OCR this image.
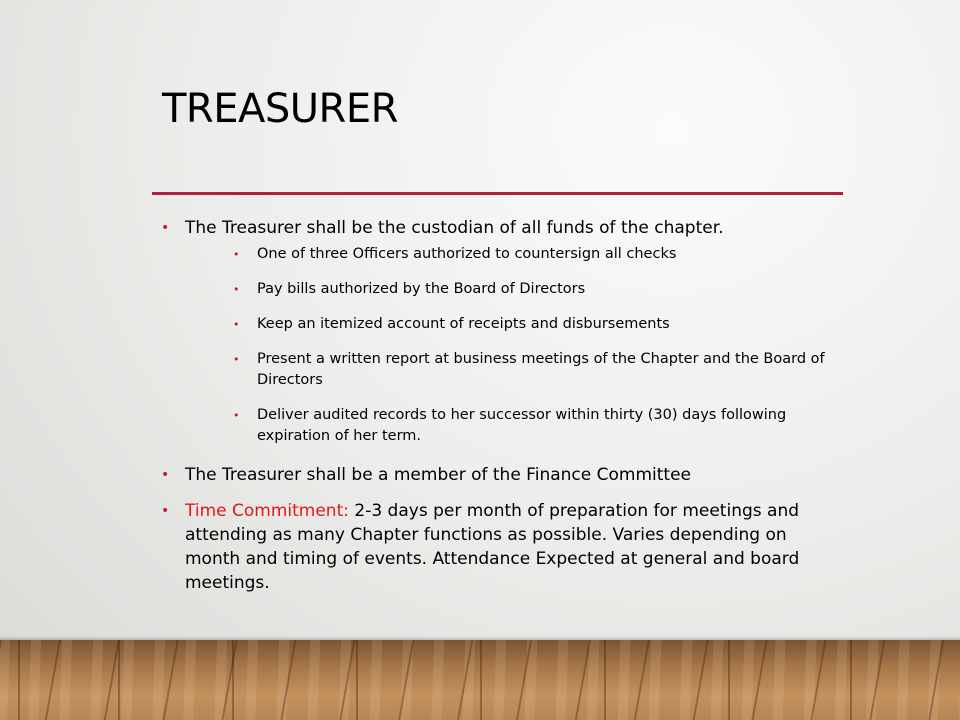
TREASURER
• The Treasurer shall be the custodian of all funds of the chapter.
• One of three Officers authorized to countersign all checks
• Pay bills authorized by the Board of Directors
• Keep an itemized account of receipts and disbursements
• Present a written report at business meetings of the Chapter and the Board of Directors
• Deliver audited records to her successor within thirty (30) days following expiration of her term.
• The Treasurer shall be a member of the Finance Committee
• Time Commitment: 2-3 days per month of preparation for meetings and attending as many Chapter functions as possible. Varies depending on month and timing of events. Attendance Expected at general and board meetings.
